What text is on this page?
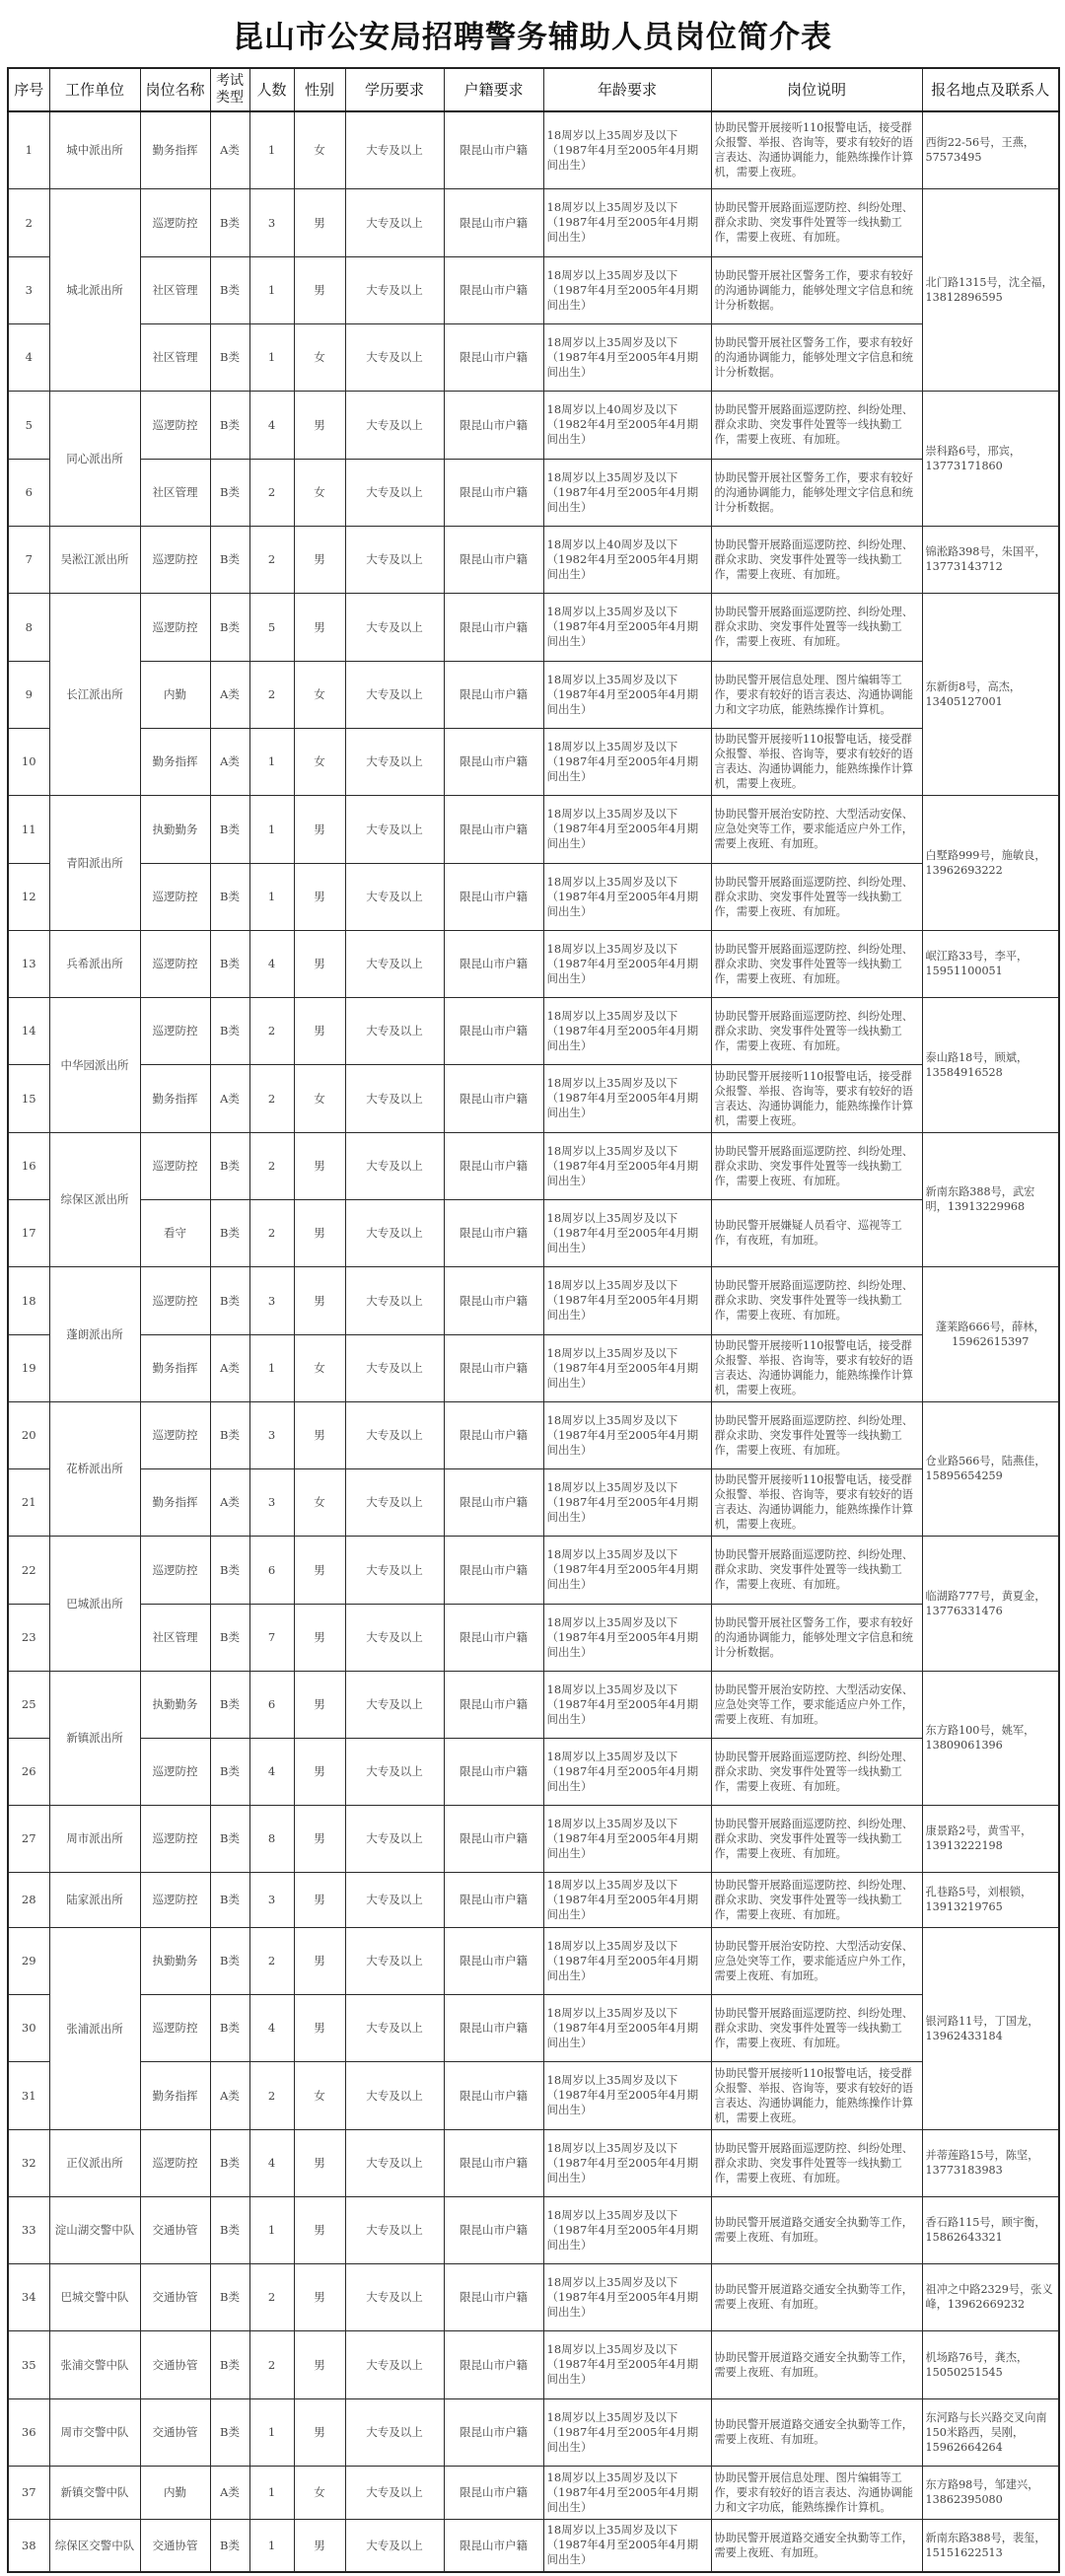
昆山市公安局招聘警务辅助人员岗位简介表
序号	工作单位	岗位名称	考试类型	人数	性别	学历要求	户籍要求	年龄要求	岗位说明	报名地点及联系人
1	城中派出所	勤务指挥	A类	1	女	大专及以上	限昆山市户籍	18周岁以上35周岁及以下（1987年4月至2005年4月期间出生）	协助民警开展接听110报警电话，接受群众报警、举报、咨询等，要求有较好的语言表达、沟通协调能力，能熟练操作计算机，需要上夜班。	西街22-56号，王燕，57573495
2	城北派出所	巡逻防控	B类	3	男	大专及以上	限昆山市户籍	18周岁以上35周岁及以下（1987年4月至2005年4月期间出生）	协助民警开展路面巡逻防控、纠纷处理、群众求助、突发事件处置等一线执勤工作，需要上夜班、有加班。	北门路1315号，沈全福，13812896595
3		社区管理	B类	1	男	大专及以上	限昆山市户籍	18周岁以上35周岁及以下（1987年4月至2005年4月期间出生）	协助民警开展社区警务工作，要求有较好的沟通协调能力，能够处理文字信息和统计分析数据。	
4		社区管理	B类	1	女	大专及以上	限昆山市户籍	18周岁以上35周岁及以下（1987年4月至2005年4月期间出生）	协助民警开展社区警务工作，要求有较好的沟通协调能力，能够处理文字信息和统计分析数据。	
5	同心派出所	巡逻防控	B类	4	男	大专及以上	限昆山市户籍	18周岁以上40周岁及以下（1982年4月至2005年4月期间出生）	协助民警开展路面巡逻防控、纠纷处理、群众求助、突发事件处置等一线执勤工作，需要上夜班、有加班。	崇科路6号，邢宾，13773171860
6		社区管理	B类	2	女	大专及以上	限昆山市户籍	18周岁以上35周岁及以下（1987年4月至2005年4月期间出生）	协助民警开展社区警务工作，要求有较好的沟通协调能力，能够处理文字信息和统计分析数据。	
7	吴淞江派出所	巡逻防控	B类	2	男	大专及以上	限昆山市户籍	18周岁以上40周岁及以下（1982年4月至2005年4月期间出生）	协助民警开展路面巡逻防控、纠纷处理、群众求助、突发事件处置等一线执勤工作，需要上夜班、有加班。	锦淞路398号，朱国平，13773143712
8	长江派出所	巡逻防控	B类	5	男	大专及以上	限昆山市户籍	18周岁以上35周岁及以下（1987年4月至2005年4月期间出生）	协助民警开展路面巡逻防控、纠纷处理、群众求助、突发事件处置等一线执勤工作，需要上夜班、有加班。	东新街8号，高杰，13405127001
9		内勤	A类	2	女	大专及以上	限昆山市户籍	18周岁以上35周岁及以下（1987年4月至2005年4月期间出生）	协助民警开展信息处理、图片编辑等工作，要求有较好的语言表达、沟通协调能力和文字功底，能熟练操作计算机。	
10		勤务指挥	A类	1	女	大专及以上	限昆山市户籍	18周岁以上35周岁及以下（1987年4月至2005年4月期间出生）	协助民警开展接听110报警电话，接受群众报警、举报、咨询等，要求有较好的语言表达、沟通协调能力，能熟练操作计算机，需要上夜班。	
11	青阳派出所	执勤勤务	B类	1	男	大专及以上	限昆山市户籍	18周岁以上35周岁及以下（1987年4月至2005年4月期间出生）	协助民警开展治安防控、大型活动安保、应急处突等工作，要求能适应户外工作，需要上夜班、有加班。	白墅路999号，施敏良，13962693222
12		巡逻防控	B类	1	男	大专及以上	限昆山市户籍	18周岁以上35周岁及以下（1987年4月至2005年4月期间出生）	协助民警开展路面巡逻防控、纠纷处理、群众求助、突发事件处置等一线执勤工作，需要上夜班、有加班。	
13	兵希派出所	巡逻防控	B类	4	男	大专及以上	限昆山市户籍	18周岁以上35周岁及以下（1987年4月至2005年4月期间出生）	协助民警开展路面巡逻防控、纠纷处理、群众求助、突发事件处置等一线执勤工作，需要上夜班、有加班。	岷江路33号，李平，15951100051
14	中华园派出所	巡逻防控	B类	2	男	大专及以上	限昆山市户籍	18周岁以上35周岁及以下（1987年4月至2005年4月期间出生）	协助民警开展路面巡逻防控、纠纷处理、群众求助、突发事件处置等一线执勤工作，需要上夜班、有加班。	泰山路18号，顾斌，13584916528
15		勤务指挥	A类	2	女	大专及以上	限昆山市户籍	18周岁以上35周岁及以下（1987年4月至2005年4月期间出生）	协助民警开展接听110报警电话，接受群众报警、举报、咨询等，要求有较好的语言表达、沟通协调能力，能熟练操作计算机，需要上夜班。	
16	综保区派出所	巡逻防控	B类	2	男	大专及以上	限昆山市户籍	18周岁以上35周岁及以下（1987年4月至2005年4月期间出生）	协助民警开展路面巡逻防控、纠纷处理、群众求助、突发事件处置等一线执勤工作，需要上夜班、有加班。	新南东路388号，武宏明，13913229968
17		看守	B类	2	男	大专及以上	限昆山市户籍	18周岁以上35周岁及以下（1987年4月至2005年4月期间出生）	协助民警开展嫌疑人员看守、巡视等工作，有夜班，有加班。	
18	蓬朗派出所	巡逻防控	B类	3	男	大专及以上	限昆山市户籍	18周岁以上35周岁及以下（1987年4月至2005年4月期间出生）	协助民警开展路面巡逻防控、纠纷处理、群众求助、突发事件处置等一线执勤工作，需要上夜班、有加班。	蓬莱路666号，薛林，15962615397
19		勤务指挥	A类	1	女	大专及以上	限昆山市户籍	18周岁以上35周岁及以下（1987年4月至2005年4月期间出生）	协助民警开展接听110报警电话，接受群众报警、举报、咨询等，要求有较好的语言表达、沟通协调能力，能熟练操作计算机，需要上夜班。	
20	花桥派出所	巡逻防控	B类	3	男	大专及以上	限昆山市户籍	18周岁以上35周岁及以下（1987年4月至2005年4月期间出生）	协助民警开展路面巡逻防控、纠纷处理、群众求助、突发事件处置等一线执勤工作，需要上夜班、有加班。	仓业路566号，陆燕佳，15895654259
21		勤务指挥	A类	3	女	大专及以上	限昆山市户籍	18周岁以上35周岁及以下（1987年4月至2005年4月期间出生）	协助民警开展接听110报警电话，接受群众报警、举报、咨询等，要求有较好的语言表达、沟通协调能力，能熟练操作计算机，需要上夜班。	
22	巴城派出所	巡逻防控	B类	6	男	大专及以上	限昆山市户籍	18周岁以上35周岁及以下（1987年4月至2005年4月期间出生）	协助民警开展路面巡逻防控、纠纷处理、群众求助、突发事件处置等一线执勤工作，需要上夜班、有加班。	临湖路777号，黄夏金，13776331476
23		社区管理	B类	7	男	大专及以上	限昆山市户籍	18周岁以上35周岁及以下（1987年4月至2005年4月期间出生）	协助民警开展社区警务工作，要求有较好的沟通协调能力，能够处理文字信息和统计分析数据。	
25	新镇派出所	执勤勤务	B类	6	男	大专及以上	限昆山市户籍	18周岁以上35周岁及以下（1987年4月至2005年4月期间出生）	协助民警开展治安防控、大型活动安保、应急处突等工作，要求能适应户外工作，需要上夜班、有加班。	东方路100号，姚军，13809061396
26		巡逻防控	B类	4	男	大专及以上	限昆山市户籍	18周岁以上35周岁及以下（1987年4月至2005年4月期间出生）	协助民警开展路面巡逻防控、纠纷处理、群众求助、突发事件处置等一线执勤工作，需要上夜班、有加班。	
27	周市派出所	巡逻防控	B类	8	男	大专及以上	限昆山市户籍	18周岁以上35周岁及以下（1987年4月至2005年4月期间出生）	协助民警开展路面巡逻防控、纠纷处理、群众求助、突发事件处置等一线执勤工作，需要上夜班、有加班。	康景路2号，黄雪平，13913222198
28	陆家派出所	巡逻防控	B类	3	男	大专及以上	限昆山市户籍	18周岁以上35周岁及以下（1987年4月至2005年4月期间出生）	协助民警开展路面巡逻防控、纠纷处理、群众求助、突发事件处置等一线执勤工作，需要上夜班、有加班。	孔巷路5号，刘根锁，13913219765
29	张浦派出所	执勤勤务	B类	2	男	大专及以上	限昆山市户籍	18周岁以上35周岁及以下（1987年4月至2005年4月期间出生）	协助民警开展治安防控、大型活动安保、应急处突等工作，要求能适应户外工作，需要上夜班、有加班。	银河路11号，丁国龙，13962433184
30		巡逻防控	B类	4	男	大专及以上	限昆山市户籍	18周岁以上35周岁及以下（1987年4月至2005年4月期间出生）	协助民警开展路面巡逻防控、纠纷处理、群众求助、突发事件处置等一线执勤工作，需要上夜班、有加班。	
31		勤务指挥	A类	2	女	大专及以上	限昆山市户籍	18周岁以上35周岁及以下（1987年4月至2005年4月期间出生）	协助民警开展接听110报警电话，接受群众报警、举报、咨询等，要求有较好的语言表达、沟通协调能力，能熟练操作计算机，需要上夜班。	
32	正仪派出所	巡逻防控	B类	4	男	大专及以上	限昆山市户籍	18周岁以上35周岁及以下（1987年4月至2005年4月期间出生）	协助民警开展路面巡逻防控、纠纷处理、群众求助、突发事件处置等一线执勤工作，需要上夜班、有加班。	并蒂莲路15号，陈坚，13773183983
33	淀山湖交警中队	交通协管	B类	1	男	大专及以上	限昆山市户籍	18周岁以上35周岁及以下（1987年4月至2005年4月期间出生）	协助民警开展道路交通安全执勤等工作，需要上夜班、有加班。	香石路115号，顾宇衡，15862643321
34	巴城交警中队	交通协管	B类	2	男	大专及以上	限昆山市户籍	18周岁以上35周岁及以下（1987年4月至2005年4月期间出生）	协助民警开展道路交通安全执勤等工作，需要上夜班、有加班。	祖冲之中路2329号，张义峰，13962669232
35	张浦交警中队	交通协管	B类	2	男	大专及以上	限昆山市户籍	18周岁以上35周岁及以下（1987年4月至2005年4月期间出生）	协助民警开展道路交通安全执勤等工作，需要上夜班、有加班。	机场路76号，龚杰，15050251545
36	周市交警中队	交通协管	B类	1	男	大专及以上	限昆山市户籍	18周岁以上35周岁及以下（1987年4月至2005年4月期间出生）	协助民警开展道路交通安全执勤等工作，需要上夜班、有加班。	东河路与长兴路交叉向南150米路西，吴刚，15962664264
37	新镇交警中队	内勤	A类	1	女	大专及以上	限昆山市户籍	18周岁以上35周岁及以下（1987年4月至2005年4月期间出生）	协助民警开展信息处理、图片编辑等工作，要求有较好的语言表达、沟通协调能力和文字功底，能熟练操作计算机。	东方路98号，邹建兴，13862395080
38	综保区交警中队	交通协管	B类	1	男	大专及以上	限昆山市户籍	18周岁以上35周岁及以下（1987年4月至2005年4月期间出生）	协助民警开展道路交通安全执勤等工作，需要上夜班、有加班。	新南东路388号，裴玺，15151622513
